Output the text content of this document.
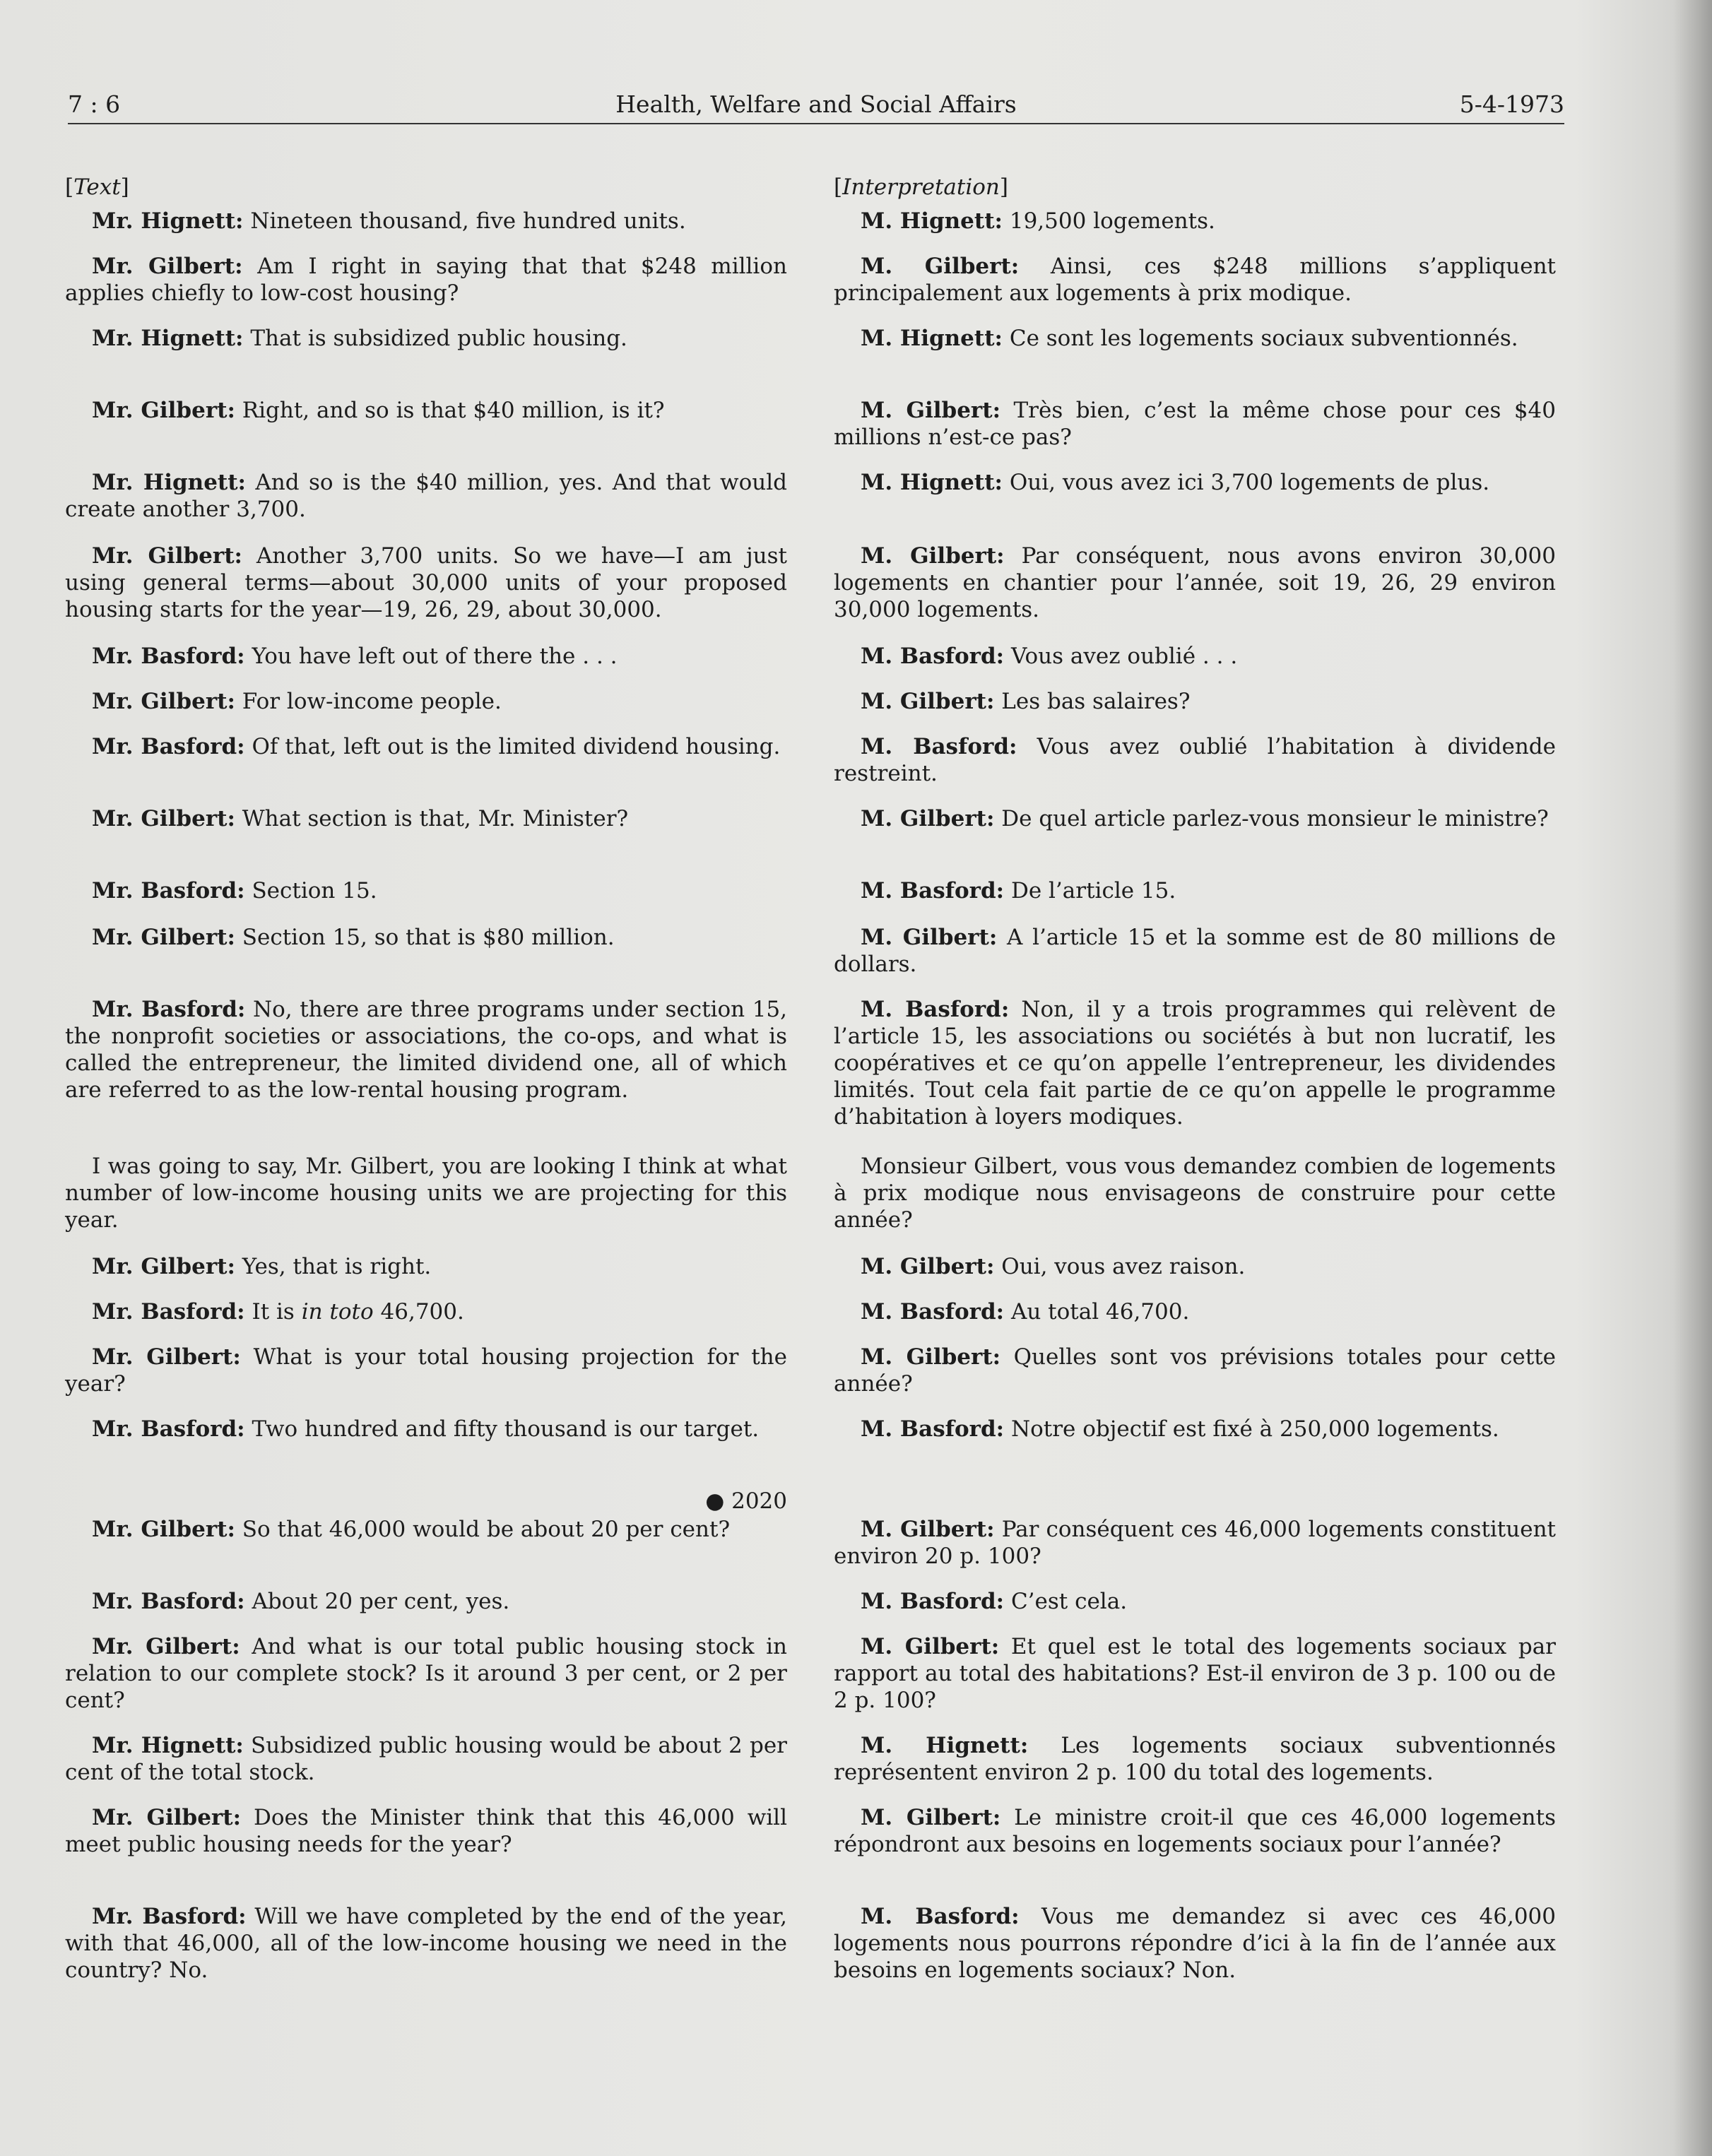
7 : 6	Health, Welfare and Social Affairs	5-4-1973
[Text]

Mr. Hignett: Nineteen thousand, five hundred units.

Mr. Gilbert: Am I right in saying that that $248 million applies chiefly to low-cost housing?

Mr. Hignett: That is subsidized public housing.

Mr. Gilbert: Right, and so is that $40 million, is it?

Mr. Hignett: And so is the $40 million, yes. And that would create another 3,700.

Mr. Gilbert: Another 3,700 units. So we have—I am just using general terms—about 30,000 units of your proposed housing starts for the year—19, 26, 29, about 30,000.

Mr. Basford: You have left out of there the . . .

Mr. Gilbert: For low-income people.

Mr. Basford: Of that, left out is the limited dividend housing.

Mr. Gilbert: What section is that, Mr. Minister?

Mr. Basford: Section 15.

Mr. Gilbert: Section 15, so that is $80 million.

Mr. Basford: No, there are three programs under section 15, the nonprofit societies or associations, the co-ops, and what is called the entrepreneur, the limited dividend one, all of which are referred to as the low-rental housing program.

I was going to say, Mr. Gilbert, you are looking I think at what number of low-income housing units we are projecting for this year.

Mr. Gilbert: Yes, that is right.

Mr. Basford: It is in toto 46,700.

Mr. Gilbert: What is your total housing projection for the year?

Mr. Basford: Two hundred and fifty thousand is our target.

● 2020

Mr. Gilbert: So that 46,000 would be about 20 per cent?

Mr. Basford: About 20 per cent, yes.

Mr. Gilbert: And what is our total public housing stock in relation to our complete stock? Is it around 3 per cent, or 2 per cent?

Mr. Hignett: Subsidized public housing would be about 2 per cent of the total stock.

Mr. Gilbert: Does the Minister think that this 46,000 will meet public housing needs for the year?

Mr. Basford: Will we have completed by the end of the year, with that 46,000, all of the low-income housing we need in the country? No.

[Interpretation]

M. Hignett: 19,500 logements.

M. Gilbert: Ainsi, ces $248 millions s’appliquent principalement aux logements à prix modique.

M. Hignett: Ce sont les logements sociaux subventionnés.

M. Gilbert: Très bien, c’est la même chose pour ces $40 millions n’est-ce pas?

M. Hignett: Oui, vous avez ici 3,700 logements de plus.

M. Gilbert: Par conséquent, nous avons environ 30,000 logements en chantier pour l’année, soit 19, 26, 29 environ 30,000 logements.

M. Basford: Vous avez oublié . . .

M. Gilbert: Les bas salaires?

M. Basford: Vous avez oublié l’habitation à dividende restreint.

M. Gilbert: De quel article parlez-vous monsieur le ministre?

M. Basford: De l’article 15.

M. Gilbert: A l’article 15 et la somme est de 80 millions de dollars.

M. Basford: Non, il y a trois programmes qui relèvent de l’article 15, les associations ou sociétés à but non lucratif, les coopératives et ce qu’on appelle l’entrepreneur, les dividendes limités. Tout cela fait partie de ce qu’on appelle le programme d’habitation à loyers modiques.

Monsieur Gilbert, vous vous demandez combien de logements à prix modique nous envisageons de construire pour cette année?

M. Gilbert: Oui, vous avez raison.

M. Basford: Au total 46,700.

M. Gilbert: Quelles sont vos prévisions totales pour cette année?

M. Basford: Notre objectif est fixé à 250,000 logements.

M. Gilbert: Par conséquent ces 46,000 logements constituent environ 20 p. 100?

M. Basford: C’est cela.

M. Gilbert: Et quel est le total des logements sociaux par rapport au total des habitations? Est-il environ de 3 p. 100 ou de 2 p. 100?

M. Hignett: Les logements sociaux subventionnés représentent environ 2 p. 100 du total des logements.

M. Gilbert: Le ministre croit-il que ces 46,000 logements répondront aux besoins en logements sociaux pour l’année?

M. Basford: Vous me demandez si avec ces 46,000 logements nous pourrons répondre d’ici à la fin de l’année aux besoins en logements sociaux? Non.
